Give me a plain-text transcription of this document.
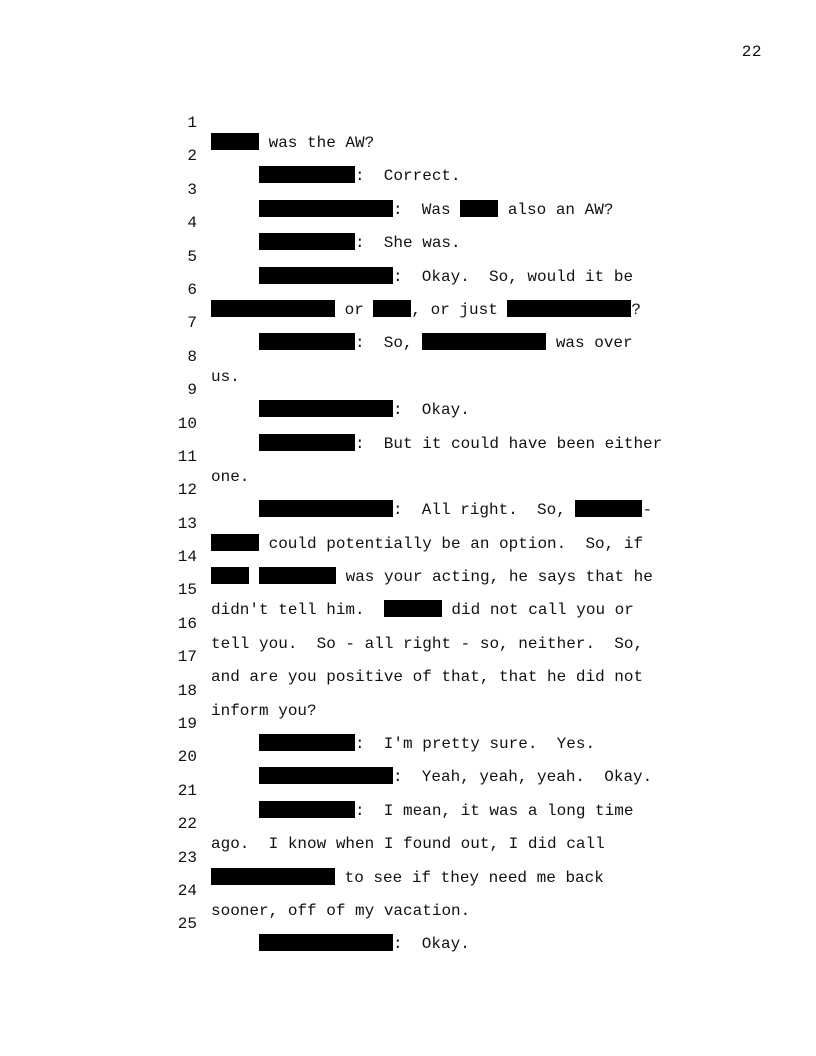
22

1

was the AW?

2

:  Correct.

3

:  Was  also an AW?

4

:  She was.

5

:  Okay.  So, would it be

6

or , or just	?

7

:  So,	was over

8

us.

9

:  Okay.

10

:  But it could have been either

11

one.

12

:  All right.  So,	-

13

could potentially be an option.  So, if

14

was your acting, he says that he

15

didn't tell him.	did not call you or

16

tell you.  So - all right - so, neither.  So,

17

and are you positive of that, that he did not

18

inform you?

19

:  I'm pretty sure.  Yes.

20

:  Yeah, yeah, yeah.  Okay.

21

:  I mean, it was a long time

22

ago.  I know when I found out, I did call

23

to see if they need me back

24

sooner, off of my vacation.

25

:  Okay.
